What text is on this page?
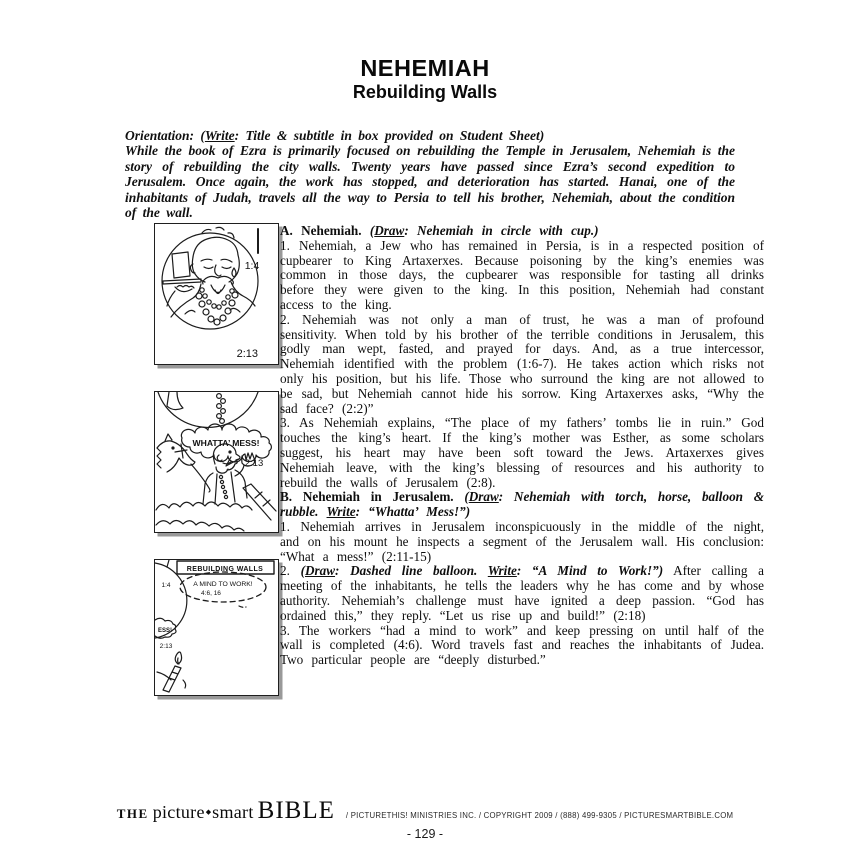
NEHEMIAH
Rebuilding Walls
Orientation: (Write: Title & subtitle in box provided on Student Sheet)
While the book of Ezra is primarily focused on rebuilding the Temple in Jerusalem, Nehemiah is the story of rebuilding the city walls. Twenty years have passed since Ezra’s second expedition to Jerusalem. Once again, the work has stopped, and deterioration has started. Hanai, one of the inhabitants of Judah, travels all the way to Persia to tell his brother, Nehemiah, about the condition of the wall.
1:4
2:13
WHATTA’ MESS!
2:13
REBUILDING WALLS
A MIND TO WORK!
4:6, 16
1:4
ESS!
2:13

A. Nehemiah. (Draw: Nehemiah in circle with cup.)

1. Nehemiah, a Jew who has remained in Persia, is in a respected position of cupbearer to King Artaxerxes. Because poisoning by the king’s enemies was common in those days, the cupbearer was responsible for tasting all drinks before they were given to the king. In this position, Nehemiah had constant access to the king.

2. Nehemiah was not only a man of trust, he was a man of profound sensitivity. When told by his brother of the terrible conditions in Jerusalem, this godly man wept, fasted, and prayed for days. And, as a true intercessor, Nehemiah identified with the problem (1:6-7). He takes action which risks not only his position, but his life. Those who surround the king are not allowed to be sad, but Nehemiah cannot hide his sorrow. King Artaxerxes asks, “Why the sad face? (2:2)”

3. As Nehemiah explains, “The place of my fathers’ tombs lie in ruin.” God touches the king’s heart. If the king’s mother was Esther, as some scholars suggest, his heart may have been soft toward the Jews. Artaxerxes gives Nehemiah leave, with the king’s blessing of resources and his authority to rebuild the walls of Jerusalem (2:8).

B. Nehemiah in Jerusalem. (Draw: Nehemiah with torch, horse, balloon & rubble. Write: “Whatta’ Mess!”)

1. Nehemiah arrives in Jerusalem inconspicuously in the middle of the night, and on his mount he inspects a segment of the Jerusalem wall. His conclusion: “What a mess!” (2:11-15)

2. (Draw: Dashed line balloon. Write: “A Mind to Work!”) After calling a meeting of the inhabitants, he tells the leaders why he has come and by whose authority. Nehemiah’s challenge must have ignited a deep passion. “God has ordained this,” they reply. “Let us rise up and build!” (2:18)

3. The workers “had a mind to work” and keep pressing on until half of the wall is completed (4:6). Word travels fast and reaches the inhabitants of Judea. Two particular people are “deeply disturbed.”

THE picture◆smart BIBLE / PICTURETHIS! MINISTRIES INC. / COPYRIGHT 2009 / (888) 499-9305 / PICTURESMARTBIBLE.COM
- 129 -
